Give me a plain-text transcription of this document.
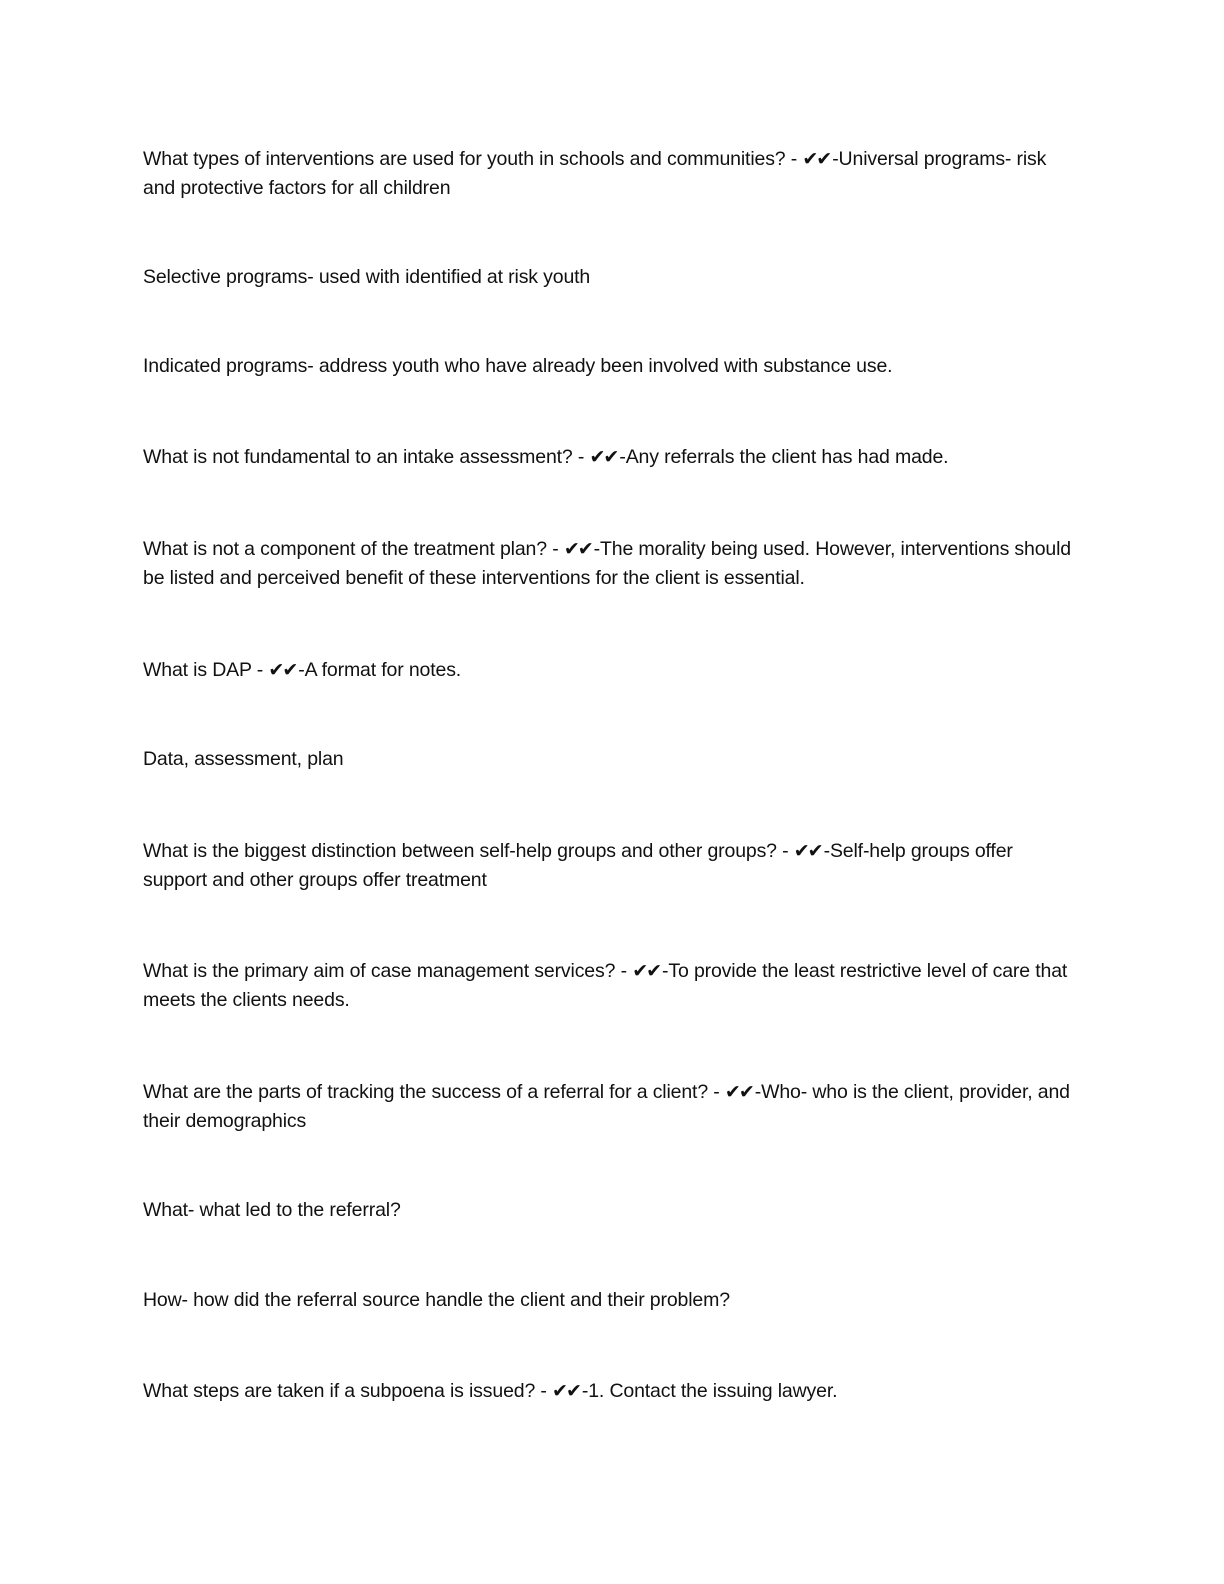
What types of interventions are used for youth in schools and communities? - ✔✔ -Universal programs- risk and protective factors for all children

Selective programs- used with identified at risk youth

Indicated programs- address youth who have already been involved with substance use.

What is not fundamental to an intake assessment? - ✔✔ -Any referrals the client has had made.

What is not a component of the treatment plan? - ✔✔ -The morality being used. However, interventions should be listed and perceived benefit of these interventions for the client is essential.

What is DAP - ✔✔ -A format for notes.

Data, assessment, plan

What is the biggest distinction between self-help groups and other groups? - ✔✔ -Self-help groups offer support and other groups offer treatment

What is the primary aim of case management services? - ✔✔ -To provide the least restrictive level of care that meets the clients needs.

What are the parts of tracking the success of a referral for a client? - ✔✔ -Who- who is the client, provider, and their demographics

What- what led to the referral?

How- how did the referral source handle the client and their problem?

What steps are taken if a subpoena is issued? - ✔✔ -1. Contact the issuing lawyer.
